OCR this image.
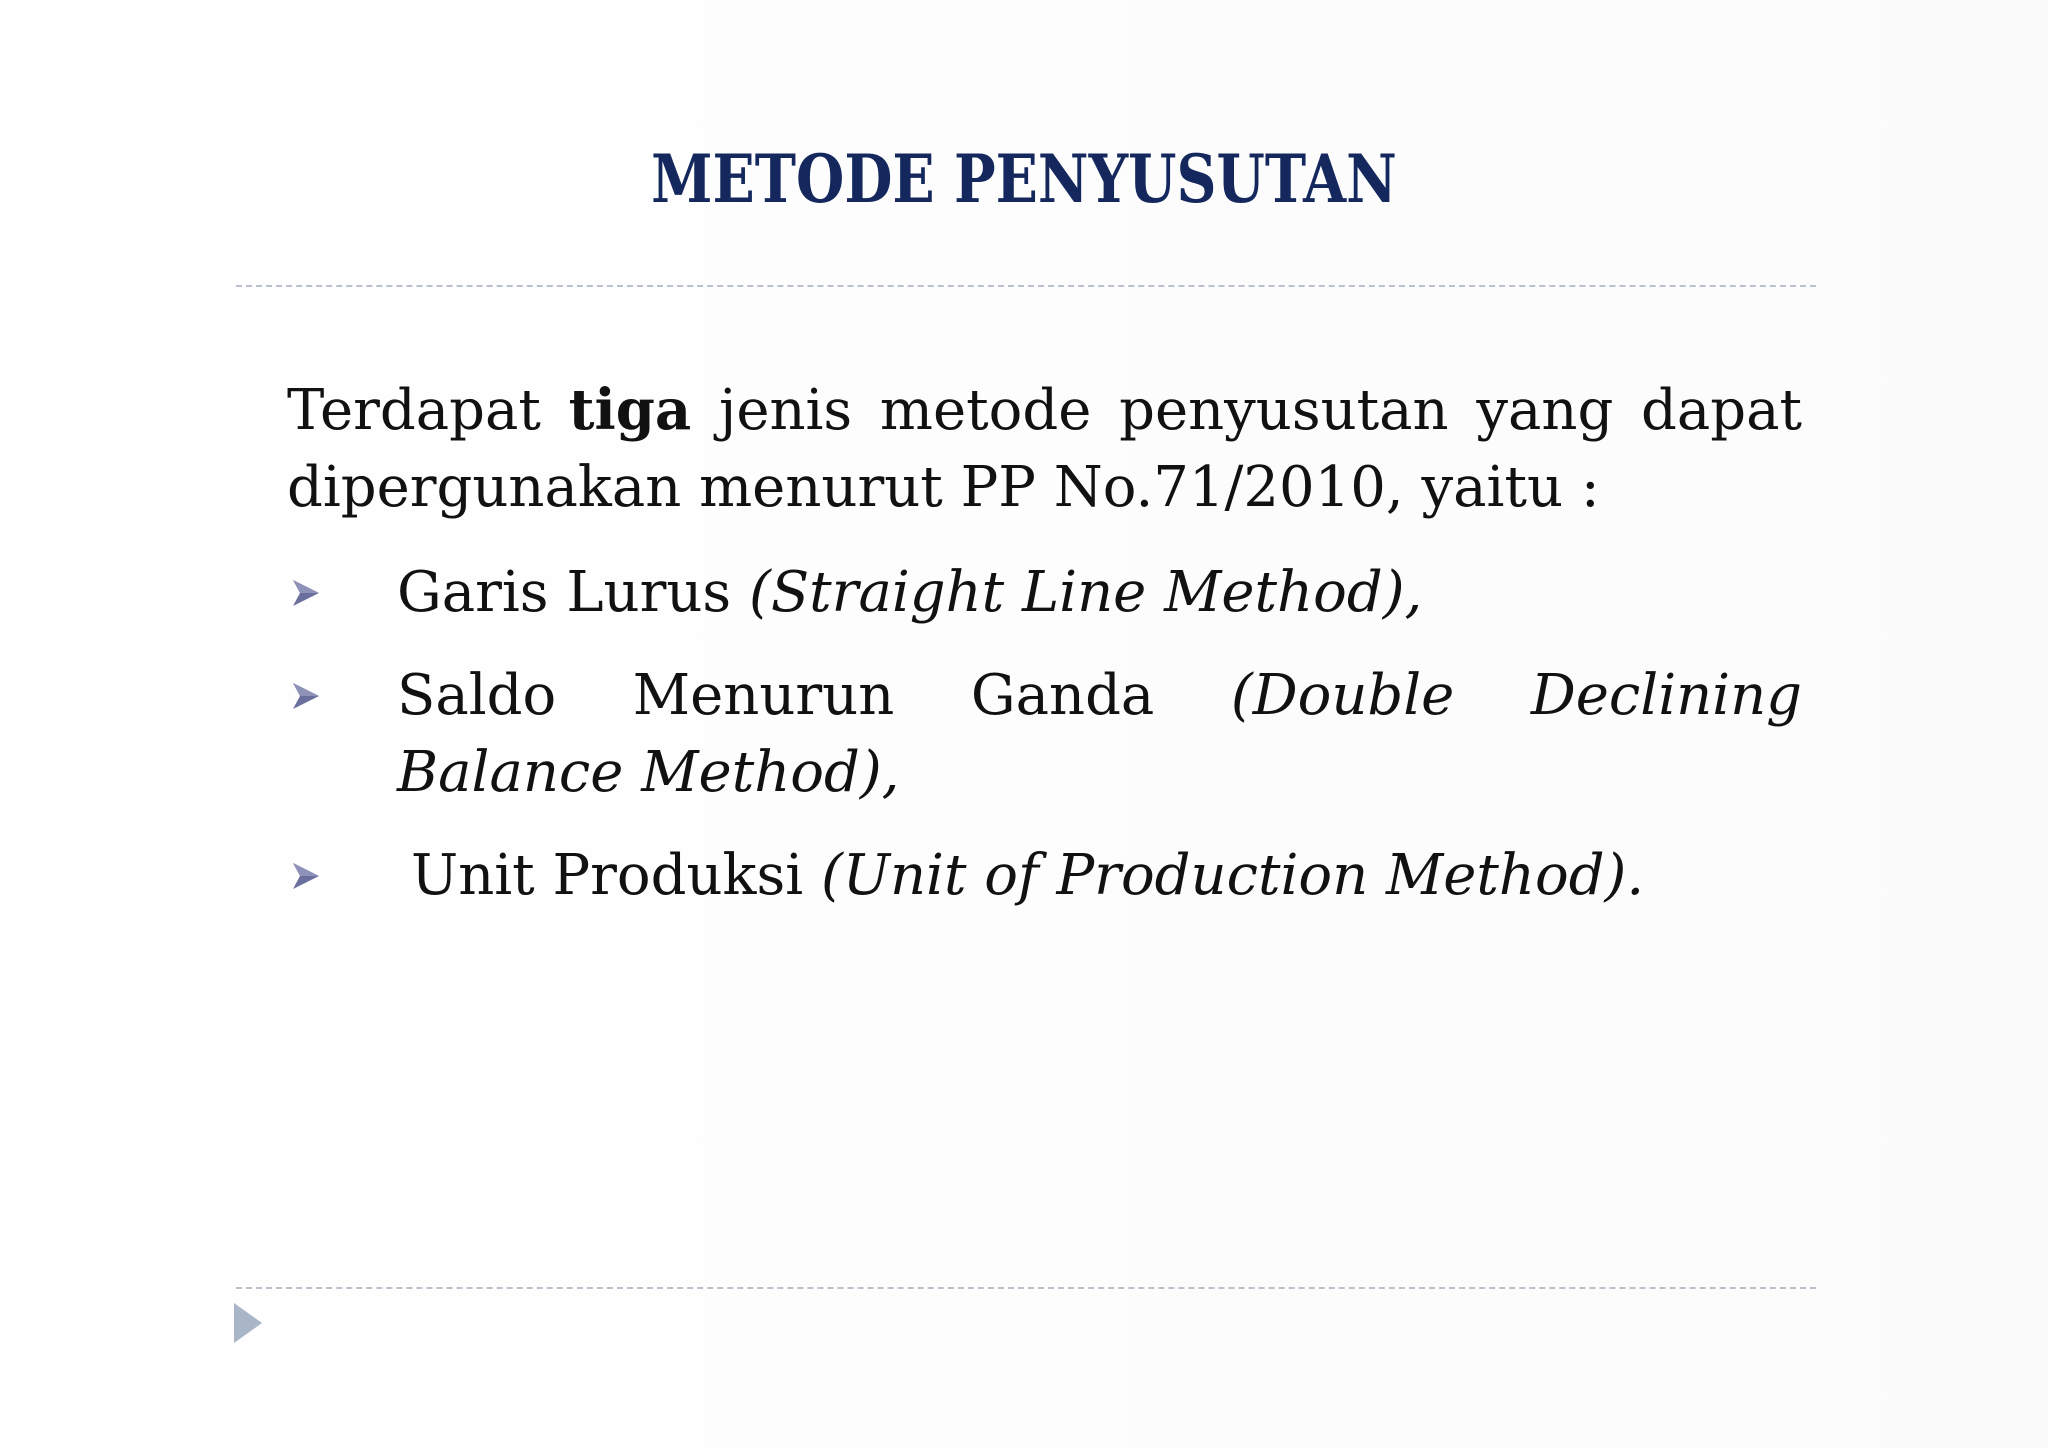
METODE PENYUSUTAN

Terdapat tiga jenis metode penyusutan yang dapat dipergunakan menurut PP No.71/2010, yaitu :

Garis Lurus (Straight Line Method),
Saldo Menurun Ganda (Double Declining Balance Method),
Unit Produksi (Unit of Production Method).
